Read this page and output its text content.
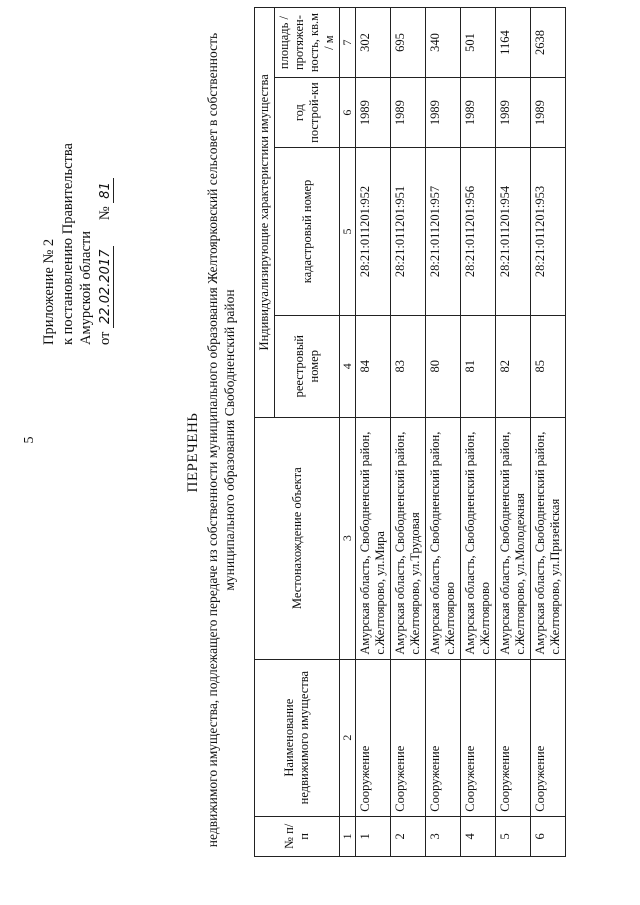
5
Приложение № 2 к постановлению Правительства Амурской области от 22.02.2017       № 81
ПЕРЕЧЕНЬ недвижимого имущества, подлежащего передаче из собственности муниципального образования Желтоярковский сельсовет в собственность муниципального образования Свободненский район
№ п/п	Наименование недвижимого имущества	Местонахождение объекта	Индивидуализирующие характеристики имущества			
			реестровый номер	кадастровый номер	год построй-ки	площадь / протяжен-ность, кв.м / м
1	2	3	4	5	6	7
1	Сооружение	Амурская область, Свободненский район, с.Желтоярово, ул.Мира	84	28:21:011201:952	1989	302
2	Сооружение	Амурская область, Свободненский район, с.Желтоярово, ул.Трудовая	83	28:21:011201:951	1989	695
3	Сооружение	Амурская область, Свободненский район, с.Желтоярово	80	28:21:011201:957	1989	340
4	Сооружение	Амурская область, Свободненский район, с.Желтоярово	81	28:21:011201:956	1989	501
5	Сооружение	Амурская область, Свободненский район, с.Желтоярово, ул.Молодежная	82	28:21:011201:954	1989	1164
6	Сооружение	Амурская область, Свободненский район, с.Желтоярово, ул.Призейская	85	28:21:011201:953	1989	2638
